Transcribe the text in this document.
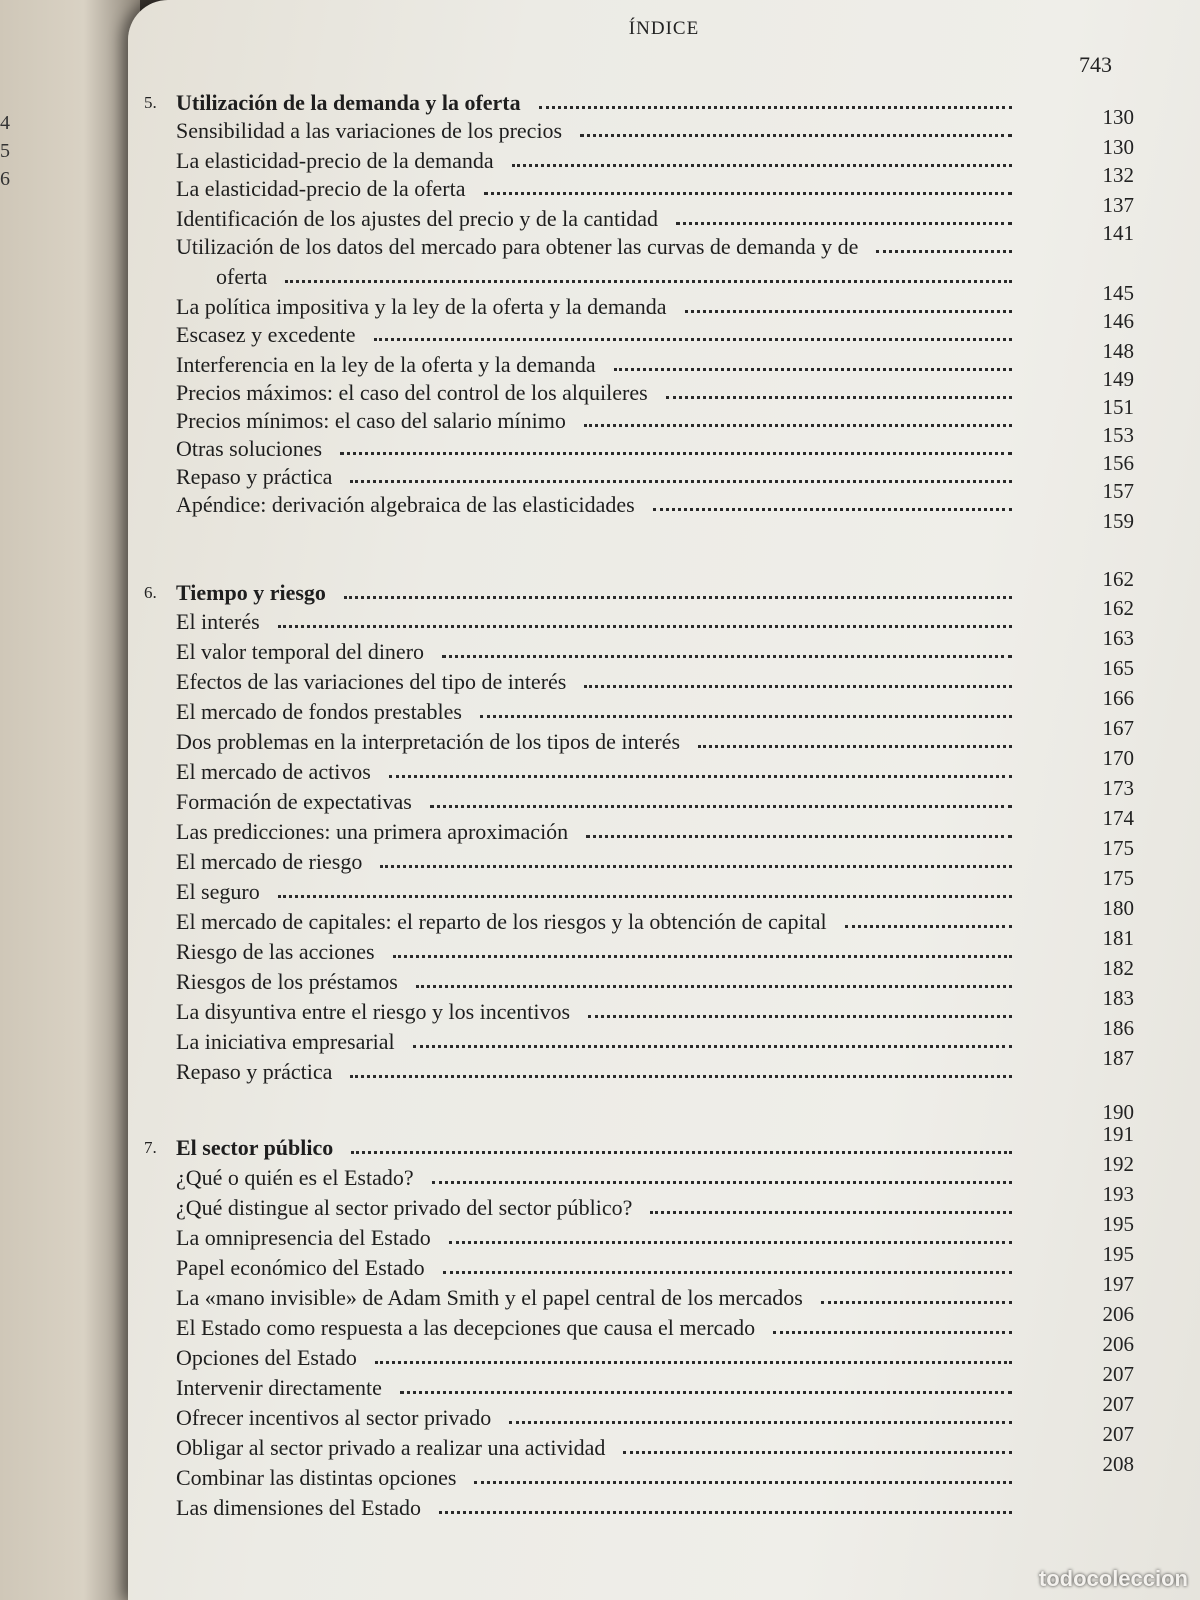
4
5
6
ÍNDICE
743
5. Utilización de la demanda y la oferta
Sensibilidad a las variaciones de los precios
130
La elasticidad-precio de la demanda
130
La elasticidad-precio de la oferta
132
Identificación de los ajustes del precio y de la cantidad
137
Utilización de los datos del mercado para obtener las curvas de demanda y de
141
oferta
La política impositiva y la ley de la oferta y la demanda
145
Escasez y excedente
146
Interferencia en la ley de la oferta y la demanda
148
Precios máximos: el caso del control de los alquileres
149
Precios mínimos: el caso del salario mínimo
151
Otras soluciones
153
Repaso y práctica
156
Apéndice: derivación algebraica de las elasticidades
157
159
6. Tiempo y riesgo
162
El interés
162
El valor temporal del dinero
163
Efectos de las variaciones del tipo de interés
165
El mercado de fondos prestables
166
Dos problemas en la interpretación de los tipos de interés
167
El mercado de activos
170
Formación de expectativas
173
Las predicciones: una primera aproximación
174
El mercado de riesgo
175
El seguro
175
El mercado de capitales: el reparto de los riesgos y la obtención de capital
180
Riesgo de las acciones
181
Riesgos de los préstamos
182
La disyuntiva entre el riesgo y los incentivos
183
La iniciativa empresarial
186
Repaso y práctica
187
190
7. El sector público
191
¿Qué o quién es el Estado?
192
¿Qué distingue al sector privado del sector público?
193
La omnipresencia del Estado
195
Papel económico del Estado
195
La «mano invisible» de Adam Smith y el papel central de los mercados
197
El Estado como respuesta a las decepciones que causa el mercado
206
Opciones del Estado
206
Intervenir directamente
207
Ofrecer incentivos al sector privado
207
Obligar al sector privado a realizar una actividad
207
Combinar las distintas opciones
208
Las dimensiones del Estado
todocoleccion
